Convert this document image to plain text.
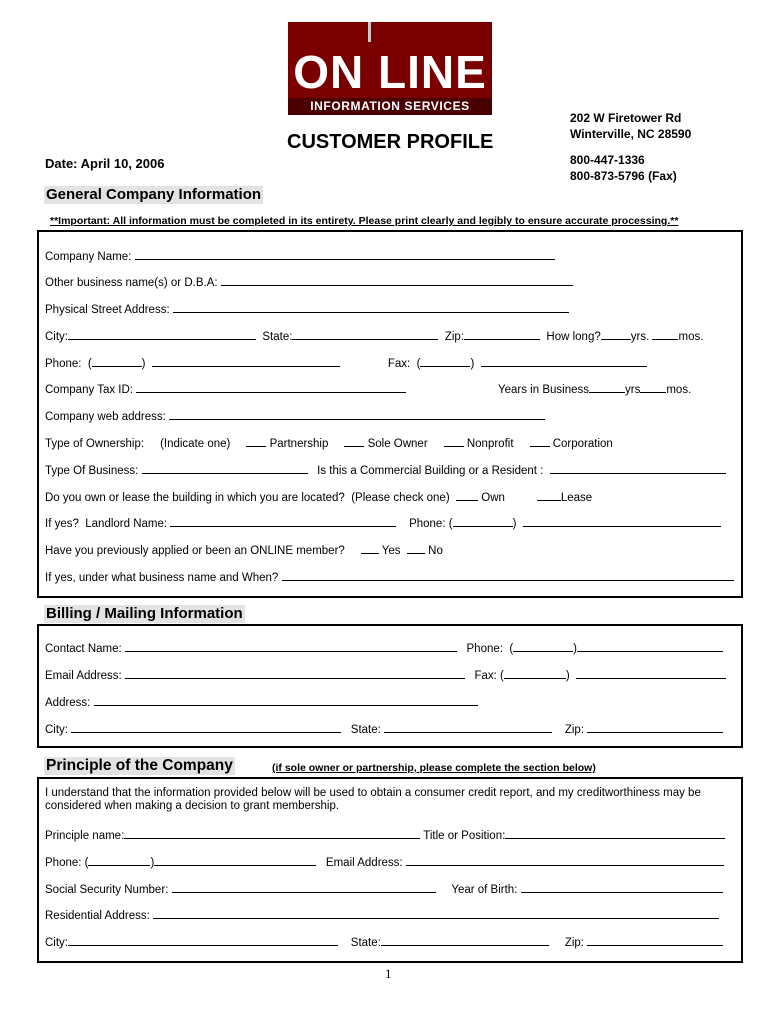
ON LINE
INFORMATION SERVICES
202 W Firetower Rd
Winterville, NC 28590
800-447-1336
800-873-5796 (Fax)
CUSTOMER PROFILE
Date: April 10, 2006
General Company Information
**Important: All information must be completed in its entirety. Please print clearly and legibly to ensure accurate processing.**
Company Name:
Other business name(s) or D.B.A:
Physical Street Address:
City:	State:	Zip:	How long?	yrs.	mos.
Phone:  (	)	Fax:  (	)
Company Tax ID:	Years in Business	yrs mos.
Company web address:
Type of Ownership: (Indicate one)	Partnership	Sole Owner	Nonprofit	Corporation
Type Of Business:	Is this a Commercial Building or a Resident :
Do you own or lease the building in which you are located?  (Please check one)	Own	Lease
If yes?  Landlord Name:	Phone: (	)
Have you previously applied or been an ONLINE member?	Yes No
If yes, under what business name and When?
Billing / Mailing Information
Contact Name:	Phone:  (	)
Email Address:	Fax: (	)
Address:
City:	State:	Zip:
Principle of the Company	(if sole owner or partnership, please complete the section below)
I understand that the information provided below will be used to obtain a consumer credit report, and my creditworthiness may be considered when making a decision to grant membership.
Principle name:	Title or Position:
Phone: (	)	Email Address:
Social Security Number:	Year of Birth:
Residential Address:
City:	State:	Zip:
1
